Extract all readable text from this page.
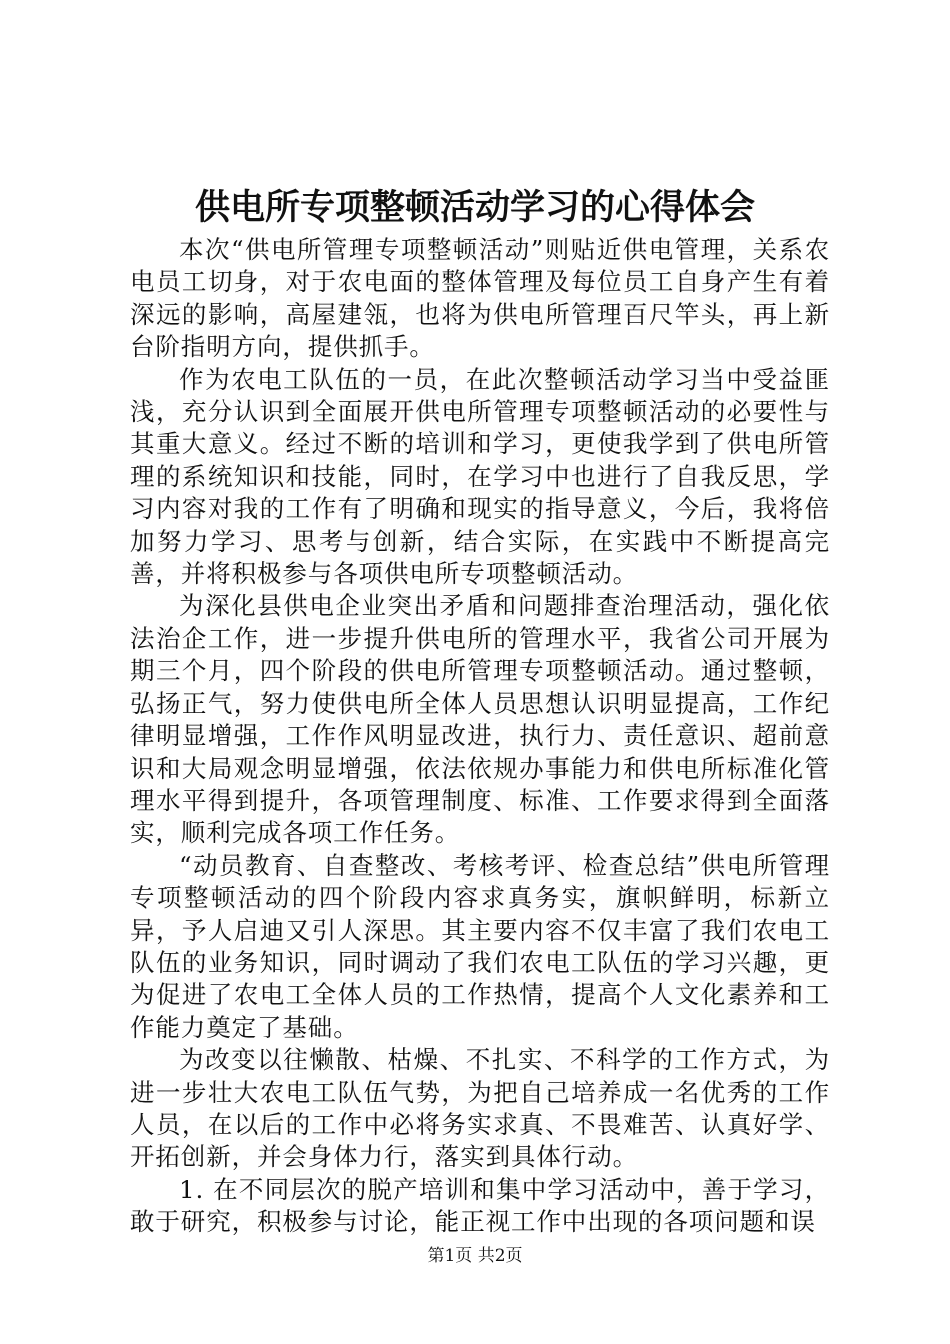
供电所专项整顿活动学习的心得体会

本次“供电所管理专项整顿活动”则贴近供电管理，关系农电员工切身，对于农电面的整体管理及每位员工自身产生有着深远的影响，高屋建瓴，也将为供电所管理百尺竿头，再上新台阶指明方向，提供抓手。

作为农电工队伍的一员，在此次整顿活动学习当中受益匪浅，充分认识到全面展开供电所管理专项整顿活动的必要性与其重大意义。经过不断的培训和学习，更使我学到了供电所管理的系统知识和技能，同时，在学习中也进行了自我反思，学习内容对我的工作有了明确和现实的指导意义，今后，我将倍加努力学习、思考与创新，结合实际，在实践中不断提高完善，并将积极参与各项供电所专项整顿活动。

为深化县供电企业突出矛盾和问题排查治理活动，强化依法治企工作，进一步提升供电所的管理水平，我省公司开展为期三个月，四个阶段的供电所管理专项整顿活动。通过整顿，弘扬正气，努力使供电所全体人员思想认识明显提高，工作纪律明显增强，工作作风明显改进，执行力、责任意识、超前意识和大局观念明显增强，依法依规办事能力和供电所标准化管理水平得到提升，各项管理制度、标准、工作要求得到全面落实，顺利完成各项工作任务。

“动员教育、自查整改、考核考评、检查总结”供电所管理专项整顿活动的四个阶段内容求真务实，旗帜鲜明，标新立异，予人启迪又引人深思。其主要内容不仅丰富了我们农电工队伍的业务知识，同时调动了我们农电工队伍的学习兴趣，更为促进了农电工全体人员的工作热情，提高个人文化素养和工作能力奠定了基础。

为改变以往懒散、枯燥、不扎实、不科学的工作方式，为进一步壮大农电工队伍气势，为把自己培养成一名优秀的工作人员，在以后的工作中必将务实求真、不畏难苦、认真好学、开拓创新，并会身体力行，落实到具体行动。

1. 在不同层次的脱产培训和集中学习活动中，善于学习，敢于研究，积极参与讨论，能正视工作中出现的各项问题和误

第1页 共2页
